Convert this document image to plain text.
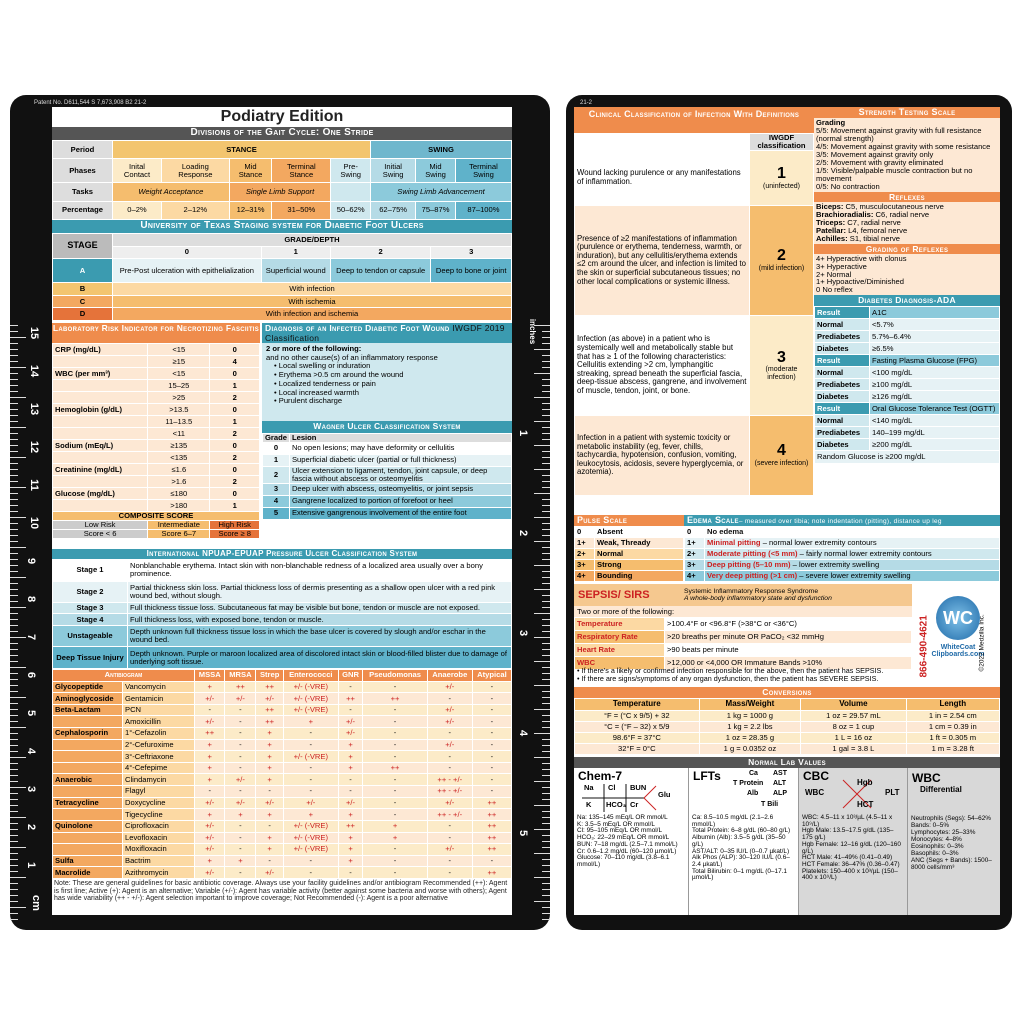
Patent No. D611,544 S 7,673,908 B2 21-2
15
14
13
12
11
10
9
8
7
6
5
4
3
2
1
cm
inches
1
2
3
4
5
6
Podiatry Edition
Divisions of the Gait Cycle: One Stride
Period	STANCE					SWING		
Phases	Inital Contact	Loading Response	Mid Stance	Terminal Stance	Pre-Swing	Initial Swing	Mid Swing	Terminal Swing
Tasks	Weight Acceptance		Single Limb Support			Swing Limb Advancement		
Percentage	0–2%	2–12%	12–31%	31–50%	50–62%	62–75%	75–87%	87–100%
University of Texas Staging system for Diabetic Foot Ulcers
STAGE	GRADE/DEPTH			
	0	1	2	3
A	Pre-Post ulceration with epithelialization	Superficial wound	Deep to tendon or capsule	Deep to bone or joint
B	With infection			
C	With ischemia			
D	With infection and ischemia			
Laboratory Risk Indicator for Necrotizing Fasciitis
CRP (mg/dL)	<15	0
	≥15	4
WBC (per mm³)	<15	0
	15–25	1
	>25	2
Hemoglobin (g/dL)	>13.5	0
	11–13.5	1
	<11	2
Sodium (mEq/L)	≥135	0
	<135	2
Creatinine (mg/dL)	≤1.6	0
	>1.6	2
Glucose (mg/dL)	≤180	0
	>180	1
COMPOSITE SCORE		
Low Risk	Intermediate	High Risk
Score < 6	Score 6–7	Score ≥ 8
Diagnosis of an Infected Diabetic Foot Wound IWGDF 2019 Classification
2 or more of the following:
and no other cause(s) of an inflammatory response
• Local swelling or induration
• Erythema >0.5 cm around the wound
• Localized tenderness or pain
• Local increased warmth
• Purulent discharge
Wagner Ulcer Classification System
Grade	Lesion
0	No open lesions; may have deformity or cellulitis
1	Superficial diabetic ulcer (partial or full thickness)
2	Ulcer extension to ligament, tendon, joint capsule, or deep fascia without abscess or osteomyelitis
3	Deep ulcer with abscess, osteomyelitis, or joint sepsis
4	Gangrene localized to portion of forefoot or heel
5	Extensive gangrenous involvement of the entire foot
International NPUAP-EPUAP Pressure Ulcer Classification System
Stage 1	Nonblanchable erythema. Intact skin with non-blanchable redness of a localized area usually over a bony prominence.
Stage 2	Partial thickness skin loss. Partial thickness loss of dermis presenting as a shallow open ulcer with a red pink wound bed, without slough.
Stage 3	Full thickness tissue loss. Subcutaneous fat may be visible but bone, tendon or muscle are not exposed.
Stage 4	Full thickness loss, with exposed bone, tendon or muscle.
Unstageable	Depth unknown full thickness tissue loss in which the base ulcer is covered by slough and/or eschar in the wound bed.
Deep Tissue Injury	Depth unknown. Purple or maroon localized area of discolored intact skin or blood-filled blister due to damage of underlying soft tissue.
Antibiogram		MSSA	MRSA	Strep	Enterococci	GNR	Pseudomonas	Anaerobe	Atypical
Glycopeptide	Vancomycin	+	++	++	+/- (-VRE)	-	-	+/-	-
Aminoglycoside	Gentamicin	+/-	+/-	+/-	+/- (-VRE)	++	++	-	-
Beta-Lactam	PCN	-	-	++	+/- (-VRE)	-	-	+/-	-
	Amoxicillin	+/-	-	++	+	+/-	-	+/-	-
Cephalosporin	1°-Cefazolin	++	-	+	-	+/-	-	-	-
	2°-Cefuroxime	+	-	+	-	+	-	+/-	-
	3°-Ceftriaxone	+	-	+	+/- (-VRE)	+	-	-	-
	4°-Cefepime	+	-	+	-	+	++	-	-
Anaerobic	Clindamycin	+	+/-	+	-	-	-	++ - +/-	-
	Flagyl	-	-	-	-	-	-	++ - +/-	-
Tetracycline	Doxycycline	+/-	+/-	+/-	+/-	+/-	-	+/-	++
	Tigecycline	+	+	+	+	+	-	++ - +/-	++
Quinolone	Ciprofloxacin	+/-	-	-	+/- (-VRE)	++	+	-	++
	Levofloxacin	+/-	-	+	+/- (-VRE)	+	+	-	++
	Moxifloxacin	+/-	-	+	+/- (-VRE)	+	-	+/-	++
Sulfa	Bactrim	+	+	-	-	+	-	-	-
Macrolide	Azithromycin	+/-	-	+/-	-	-	-	-	++
Note: These are general guidelines for basic antibiotic coverage. Always use your facility guidelines and/or antibiogram Recommended (++): Agent is first line; Active (+): Agent is an alternative; Variable (+/-): Agent has variable activity (better against some bacteria and worse with others); Agent has wide variability (++ - +/-): Agent selection important to improve coverage; Not Recommended (-): Agent is a poor alternative
21-2
Clinical Classification of Infection With Definitions
	IWGDF classification
Wound lacking purulence or any manifestations of inflammation.	1
(uninfected)

Presence of ≥2 manifestations of inflammation (purulence or erythema, tenderness, warmth, or induration), but any cellulitis/erythema extends ≤2 cm around the ulcer, and infection is limited to the skin or superficial subcutaneous tissues; no other local complications or systemic illness.	2
(mild infection)

Infection (as above) in a patient who is systemically well and metabolically stable but that has ≥ 1 of the following characteristics: Cellulitis extending >2 cm, lymphangitic streaking, spread beneath the superficial fascia, deep-tissue abscess, gangrene, and involvement of muscle, tendon, joint, or bone.	3
(moderate infection)

Infection in a patient with systemic toxicity or metabolic instability (eg, fever, chills, tachycardia, hypotension, confusion, vomiting, leukocytosis, acidosis, severe hyperglycemia, or azotemia).	4
(severe infection)
Strength Testing Scale
Grading
5/5: Movement against gravity with full resistance (normal strength)
4/5: Movement against gravity with some resistance
3/5: Movement against gravity only
2/5: Movement with gravity eliminated
1/5: Visible/palpable muscle contraction but no movement
0/5: No contraction
Reflexes
Biceps: C5, musculocutaneous nerve
Brachioradialis: C6, radial nerve
Triceps: C7, radial nerve
Patellar: L4, femoral nerve
Achilles: S1, tibial nerve
Grading of Reflexes
4+ Hyperactive with clonus
3+ Hyperactive
2+ Normal
1+ Hypoactive/Diminished
0 No reflex
Diabetes Diagnosis-ADA
Result	A1C
Normal	<5.7%
Prediabetes	5.7%–6.4%
Diabetes	≥6.5%
Result	Fasting Plasma Glucose (FPG)
Normal	<100 mg/dL
Prediabetes	≥100 mg/dL
Diabetes	≥126 mg/dL
Result	Oral Glucose Tolerance Test (OGTT)
Normal	<140 mg/dL
Prediabetes	140–199 mg/dL
Diabetes	≥200 mg/dL
Random Glucose is ≥200 mg/dL	
Pulse Scale
0	Absent
1+	Weak, Thready
2+	Normal
3+	Strong
4+	Bounding
Edema Scale– measured over tibia; note indentation (pitting), distance up leg
0	No edema
1+	Minimal pitting – normal lower extremity contours
2+	Moderate pitting (<5 mm) – fairly normal lower extremity contours
3+	Deep pitting (5–10 mm) – lower extremity swelling
4+	Very deep pitting (>1 cm) – severe lower extremity swelling
SEPSIS/ SIRS	Systemic Inflammatory Response Syndrome
A whole-body inflammatory state and dysfunction
Two or more of the following:
Temperature	>100.4°F or <96.8°F (>38°C or <36°C)
Respiratory Rate	>20 breaths per minute OR PaCO₂ <32 mmHg
Heart Rate	>90 beats per minute
WBC	>12,000 or <4,000 OR Immature Bands >10%	866-490-4621 WC
WhiteCoat Clipboards.com
©2022 Medzilla Inc.
• If there's a likely or confirmed infection responsible for the above, then the patient has SEPSIS.
• If there are signs/symptoms of any organ dysfunction, then the patient has SEVERE SEPSIS.
Conversions
Temperature	Mass/Weight	Volume	Length
°F = (°C x 9/5) + 32	1 kg = 1000 g	1 oz = 29.57 mL	1 in = 2.54 cm
°C = (°F – 32) x 5/9	1 kg = 2.2 lbs	8 oz = 1 cup	1 cm = 0.39 in
98.6°F = 37°C	1 oz = 28.35 g	1 L = 16 oz	1 ft = 0.305 m
32°F = 0°C	1 g = 0.0352 oz	1 gal = 3.8 L	1 m = 3.28 ft
Normal Lab Values
Chem-7
Na Cl BUN
Glu
K HCO₃ Cr
Na: 135–145 mEq/L OR mmol/L
K: 3.5–5 mEq/L OR mmol/L
Cl: 95–105 mEq/L OR mmol/L
HCO₃: 22–29 mEq/L OR mmol/L
BUN: 7–18 mg/dL (2.5–7.1 mmol/L)
Cr: 0.6–1.2 mg/dL (60–120 µmol/L)
Glucose: 70–110 mg/dL (3.8–6.1 mmol/L)
LFTs	Ca AST
T Protein ALT
Alb ALP
T Bili
Ca: 8.5–10.5 mg/dL (2.1–2.6 mmol/L)
Total Protein: 6–8 g/dL (60–80 g/L)
Albumin (Alb): 3.5–5 g/dL (35–50 g/L)
AST/ALT: 0–35 IU/L (0–0.7 µkat/L)
Alk Phos (ALP): 30–120 IU/L (0.6–2.4 µkat/L)
Total Bilirubin: 0–1 mg/dL (0–17.1 µmol/L)
CBC
WBC
Hgb
HCT
PLT
WBC: 4.5–11 x 10³/µL (4.5–11 x 10⁹/L)
Hgb Male: 13.5–17.5 g/dL (135–175 g/L)
Hgb Female: 12–16 g/dL (120–160 g/L)
HCT Male: 41–49% (0.41–0.49)
HCT Female: 36–47% (0.36–0.47)
Platelets: 150–400 x 10³/µL (150–400 x 10⁹/L)
WBC
Differential
Neutrophils (Segs): 54–62%
Bands: 0–5%
Lymphocytes: 25–33%
Monocytes: 4–8%
Eosinophils: 0–3%
Basophils: 0–3%
ANC (Segs + Bands): 1500–8000 cells/mm³
